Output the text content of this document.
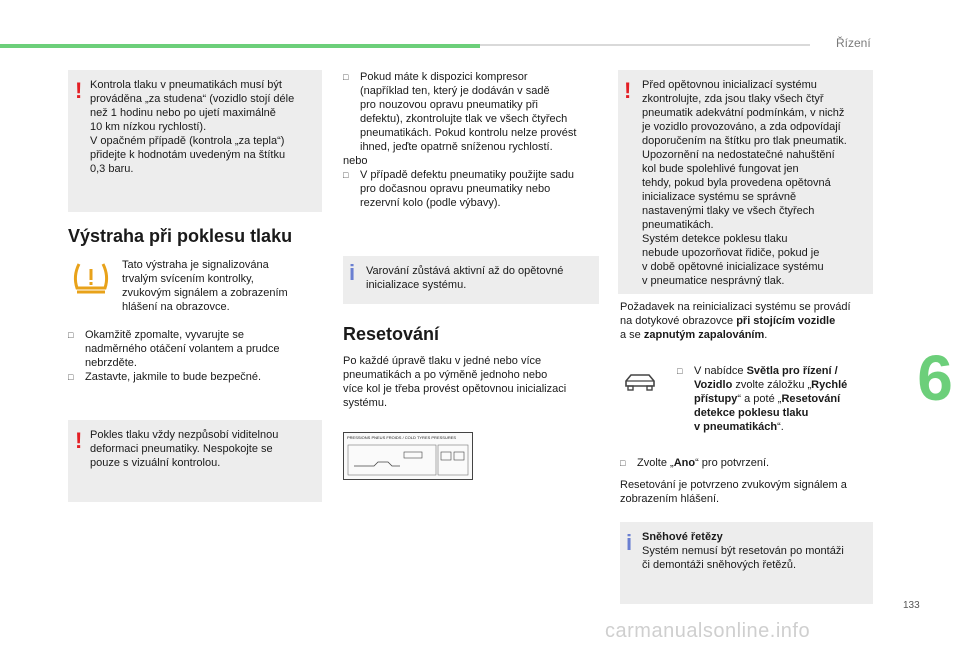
Řízení
6
133
carmanualsonline.info
! Kontrola tlaku v pneumatikách musí být

prováděna „za studena“ (vozidlo stojí déle

než 1 hodinu nebo po ujetí maximálně

10 km nízkou rychlostí).

V opačném případě (kontrola „za tepla“)

přidejte k hodnotám uvedeným na štítku

0,3 baru.

Výstraha při poklesu tlaku

Tato výstraha je signalizována

trvalým svícením kontrolky,

zvukovým signálem a zobrazením

hlášení na obrazovce.

□ Okamžitě zpomalte, vyvarujte se

nadměrného otáčení volantem a prudce

nebrzděte.

□ Zastavte, jakmile to bude bezpečné.

! Pokles tlaku vždy nezpůsobí viditelnou

deformaci pneumatiky. Nespokojte se

pouze s vizuální kontrolou.

□ Pokud máte k dispozici kompresor

(například ten, který je dodáván v sadě

pro nouzovou opravu pneumatiky při

defektu), zkontrolujte tlak ve všech čtyřech

pneumatikách. Pokud kontrolu nelze provést

ihned, jeďte opatrně sníženou rychlostí.

nebo

□ V případě defektu pneumatiky použijte sadu

pro dočasnou opravu pneumatiky nebo

rezervní kolo (podle výbavy).

i Varování zůstává aktivní až do opětovné

inicializace systému.

Resetování

Po každé úpravě tlaku v jedné nebo více

pneumatikách a po výměně jednoho nebo

více kol je třeba provést opětovnou inicializaci

systému.

PRESSIONS PNEUS FROIDS / COLD TYRES PRESSURES
! Před opětovnou inicializací systému

zkontrolujte, zda jsou tlaky všech čtyř

pneumatik adekvátní podmínkám, v nichž

je vozidlo provozováno, a zda odpovídají

doporučením na štítku pro tlak pneumatik.

Upozornění na nedostatečné nahuštění

kol bude spolehlivé fungovat jen

tehdy, pokud byla provedena opětovná

inicializace systému se správně

nastavenými tlaky ve všech čtyřech

pneumatikách.

Systém detekce poklesu tlaku

nebude upozorňovat řidiče, pokud je

v době opětovné inicializace systému

v pneumatice nesprávný tlak.

Požadavek na reinicializaci systému se provádí

na dotykové obrazovce při stojícím vozidle

a se zapnutým zapalováním.

□ V nabídce Světla pro řízení /

Vozidlo zvolte záložku „Rychlé

přístupy“ a poté „Resetování

detekce poklesu tlaku

v pneumatikách“.

□ Zvolte „Ano“ pro potvrzení.

Resetování je potvrzeno zvukovým signálem a

zobrazením hlášení.

i Sněhové řetězy

Systém nemusí být resetován po montáži

či demontáži sněhových řetězů.
